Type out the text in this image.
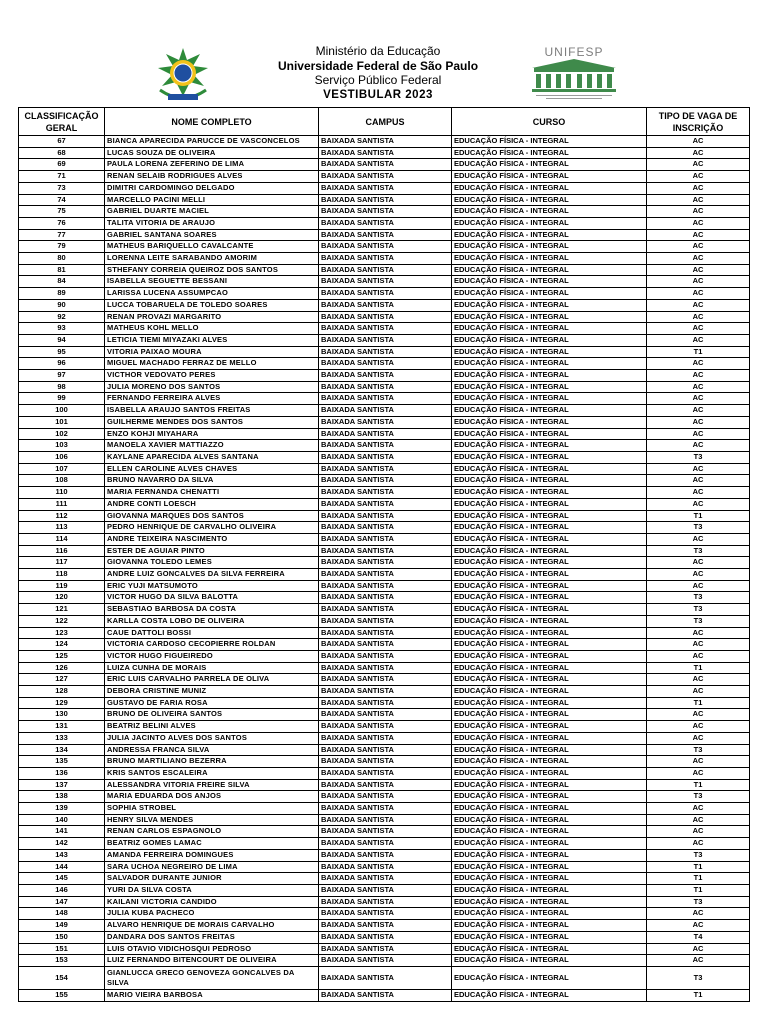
Ministério da Educação
Universidade Federal de São Paulo
Serviço Público Federal
VESTIBULAR 2023
UNIFESP
CLASSIFICAÇÃO GERAL	NOME COMPLETO	CAMPUS	CURSO	TIPO DE VAGA DE INSCRIÇÃO
67	BIANCA APARECIDA PARUCCE DE VASCONCELOS	BAIXADA SANTISTA	EDUCAÇÃO FÍSICA - INTEGRAL	AC
68	LUCAS SOUZA DE OLIVEIRA	BAIXADA SANTISTA	EDUCAÇÃO FÍSICA - INTEGRAL	AC
69	PAULA LORENA ZEFERINO DE LIMA	BAIXADA SANTISTA	EDUCAÇÃO FÍSICA - INTEGRAL	AC
71	RENAN SELAIB RODRIGUES ALVES	BAIXADA SANTISTA	EDUCAÇÃO FÍSICA - INTEGRAL	AC
73	DIMITRI CARDOMINGO DELGADO	BAIXADA SANTISTA	EDUCAÇÃO FÍSICA - INTEGRAL	AC
74	MARCELLO PACINI MELLI	BAIXADA SANTISTA	EDUCAÇÃO FÍSICA - INTEGRAL	AC
75	GABRIEL DUARTE MACIEL	BAIXADA SANTISTA	EDUCAÇÃO FÍSICA - INTEGRAL	AC
76	TALITA VITORIA DE ARAUJO	BAIXADA SANTISTA	EDUCAÇÃO FÍSICA - INTEGRAL	AC
77	GABRIEL SANTANA SOARES	BAIXADA SANTISTA	EDUCAÇÃO FÍSICA - INTEGRAL	AC
79	MATHEUS BARIQUELLO CAVALCANTE	BAIXADA SANTISTA	EDUCAÇÃO FÍSICA - INTEGRAL	AC
80	LORENNA LEITE SARABANDO AMORIM	BAIXADA SANTISTA	EDUCAÇÃO FÍSICA - INTEGRAL	AC
81	STHEFANY CORREIA QUEIROZ DOS SANTOS	BAIXADA SANTISTA	EDUCAÇÃO FÍSICA - INTEGRAL	AC
84	ISABELLA SEGUETTE BESSANI	BAIXADA SANTISTA	EDUCAÇÃO FÍSICA - INTEGRAL	AC
89	LARISSA LUCENA ASSUMPCAO	BAIXADA SANTISTA	EDUCAÇÃO FÍSICA - INTEGRAL	AC
90	LUCCA TOBARUELA DE TOLEDO SOARES	BAIXADA SANTISTA	EDUCAÇÃO FÍSICA - INTEGRAL	AC
92	RENAN PROVAZI MARGARITO	BAIXADA SANTISTA	EDUCAÇÃO FÍSICA - INTEGRAL	AC
93	MATHEUS KOHL MELLO	BAIXADA SANTISTA	EDUCAÇÃO FÍSICA - INTEGRAL	AC
94	LETICIA TIEMI MIYAZAKI ALVES	BAIXADA SANTISTA	EDUCAÇÃO FÍSICA - INTEGRAL	AC
95	VITORIA PAIXAO MOURA	BAIXADA SANTISTA	EDUCAÇÃO FÍSICA - INTEGRAL	T1
96	MIGUEL MACHADO FERRAZ DE MELLO	BAIXADA SANTISTA	EDUCAÇÃO FÍSICA - INTEGRAL	AC
97	VICTHOR VEDOVATO PERES	BAIXADA SANTISTA	EDUCAÇÃO FÍSICA - INTEGRAL	AC
98	JULIA MORENO DOS SANTOS	BAIXADA SANTISTA	EDUCAÇÃO FÍSICA - INTEGRAL	AC
99	FERNANDO FERREIRA ALVES	BAIXADA SANTISTA	EDUCAÇÃO FÍSICA - INTEGRAL	AC
100	ISABELLA ARAUJO SANTOS FREITAS	BAIXADA SANTISTA	EDUCAÇÃO FÍSICA - INTEGRAL	AC
101	GUILHERME MENDES DOS SANTOS	BAIXADA SANTISTA	EDUCAÇÃO FÍSICA - INTEGRAL	AC
102	ENZO KOHJI MIYAHARA	BAIXADA SANTISTA	EDUCAÇÃO FÍSICA - INTEGRAL	AC
103	MANOELA XAVIER MATTIAZZO	BAIXADA SANTISTA	EDUCAÇÃO FÍSICA - INTEGRAL	AC
106	KAYLANE APARECIDA ALVES SANTANA	BAIXADA SANTISTA	EDUCAÇÃO FÍSICA - INTEGRAL	T3
107	ELLEN CAROLINE ALVES CHAVES	BAIXADA SANTISTA	EDUCAÇÃO FÍSICA - INTEGRAL	AC
108	BRUNO NAVARRO DA SILVA	BAIXADA SANTISTA	EDUCAÇÃO FÍSICA - INTEGRAL	AC
110	MARIA FERNANDA CHENATTI	BAIXADA SANTISTA	EDUCAÇÃO FÍSICA - INTEGRAL	AC
111	ANDRE CONTI LOESCH	BAIXADA SANTISTA	EDUCAÇÃO FÍSICA - INTEGRAL	AC
112	GIOVANNA MARQUES DOS SANTOS	BAIXADA SANTISTA	EDUCAÇÃO FÍSICA - INTEGRAL	T1
113	PEDRO HENRIQUE DE CARVALHO OLIVEIRA	BAIXADA SANTISTA	EDUCAÇÃO FÍSICA - INTEGRAL	T3
114	ANDRE TEIXEIRA NASCIMENTO	BAIXADA SANTISTA	EDUCAÇÃO FÍSICA - INTEGRAL	AC
116	ESTER DE AGUIAR PINTO	BAIXADA SANTISTA	EDUCAÇÃO FÍSICA - INTEGRAL	T3
117	GIOVANNA TOLEDO LEMES	BAIXADA SANTISTA	EDUCAÇÃO FÍSICA - INTEGRAL	AC
118	ANDRE LUIZ GONCALVES DA SILVA FERREIRA	BAIXADA SANTISTA	EDUCAÇÃO FÍSICA - INTEGRAL	AC
119	ERIC YUJI MATSUMOTO	BAIXADA SANTISTA	EDUCAÇÃO FÍSICA - INTEGRAL	AC
120	VICTOR HUGO DA SILVA BALOTTA	BAIXADA SANTISTA	EDUCAÇÃO FÍSICA - INTEGRAL	T3
121	SEBASTIAO BARBOSA DA COSTA	BAIXADA SANTISTA	EDUCAÇÃO FÍSICA - INTEGRAL	T3
122	KARLLA COSTA LOBO DE OLIVEIRA	BAIXADA SANTISTA	EDUCAÇÃO FÍSICA - INTEGRAL	T3
123	CAUE DATTOLI BOSSI	BAIXADA SANTISTA	EDUCAÇÃO FÍSICA - INTEGRAL	AC
124	VICTORIA CARDOSO CECOPIERRE ROLDAN	BAIXADA SANTISTA	EDUCAÇÃO FÍSICA - INTEGRAL	AC
125	VICTOR HUGO FIGUEIREDO	BAIXADA SANTISTA	EDUCAÇÃO FÍSICA - INTEGRAL	AC
126	LUIZA CUNHA DE MORAIS	BAIXADA SANTISTA	EDUCAÇÃO FÍSICA - INTEGRAL	T1
127	ERIC LUIS CARVALHO PARRELA DE OLIVA	BAIXADA SANTISTA	EDUCAÇÃO FÍSICA - INTEGRAL	AC
128	DEBORA CRISTINE MUNIZ	BAIXADA SANTISTA	EDUCAÇÃO FÍSICA - INTEGRAL	AC
129	GUSTAVO DE FARIA ROSA	BAIXADA SANTISTA	EDUCAÇÃO FÍSICA - INTEGRAL	T1
130	BRUNO DE OLIVEIRA SANTOS	BAIXADA SANTISTA	EDUCAÇÃO FÍSICA - INTEGRAL	AC
131	BEATRIZ BELINI ALVES	BAIXADA SANTISTA	EDUCAÇÃO FÍSICA - INTEGRAL	AC
133	JULIA JACINTO ALVES DOS SANTOS	BAIXADA SANTISTA	EDUCAÇÃO FÍSICA - INTEGRAL	AC
134	ANDRESSA FRANCA SILVA	BAIXADA SANTISTA	EDUCAÇÃO FÍSICA - INTEGRAL	T3
135	BRUNO MARTILIANO BEZERRA	BAIXADA SANTISTA	EDUCAÇÃO FÍSICA - INTEGRAL	AC
136	KRIS SANTOS ESCALEIRA	BAIXADA SANTISTA	EDUCAÇÃO FÍSICA - INTEGRAL	AC
137	ALESSANDRA VITORIA FREIRE SILVA	BAIXADA SANTISTA	EDUCAÇÃO FÍSICA - INTEGRAL	T1
138	MARIA EDUARDA DOS ANJOS	BAIXADA SANTISTA	EDUCAÇÃO FÍSICA - INTEGRAL	T3
139	SOPHIA STROBEL	BAIXADA SANTISTA	EDUCAÇÃO FÍSICA - INTEGRAL	AC
140	HENRY SILVA MENDES	BAIXADA SANTISTA	EDUCAÇÃO FÍSICA - INTEGRAL	AC
141	RENAN CARLOS ESPAGNOLO	BAIXADA SANTISTA	EDUCAÇÃO FÍSICA - INTEGRAL	AC
142	BEATRIZ GOMES LAMAC	BAIXADA SANTISTA	EDUCAÇÃO FÍSICA - INTEGRAL	AC
143	AMANDA FERREIRA DOMINGUES	BAIXADA SANTISTA	EDUCAÇÃO FÍSICA - INTEGRAL	T3
144	SARA UCHOA NEGREIRO DE LIMA	BAIXADA SANTISTA	EDUCAÇÃO FÍSICA - INTEGRAL	T1
145	SALVADOR DURANTE JUNIOR	BAIXADA SANTISTA	EDUCAÇÃO FÍSICA - INTEGRAL	T1
146	YURI DA SILVA COSTA	BAIXADA SANTISTA	EDUCAÇÃO FÍSICA - INTEGRAL	T1
147	KAILANI VICTORIA CANDIDO	BAIXADA SANTISTA	EDUCAÇÃO FÍSICA - INTEGRAL	T3
148	JULIA KUBA PACHECO	BAIXADA SANTISTA	EDUCAÇÃO FÍSICA - INTEGRAL	AC
149	ALVARO HENRIQUE DE MORAIS CARVALHO	BAIXADA SANTISTA	EDUCAÇÃO FÍSICA - INTEGRAL	AC
150	DANDARA DOS SANTOS FREITAS	BAIXADA SANTISTA	EDUCAÇÃO FÍSICA - INTEGRAL	T4
151	LUIS OTAVIO VIDICHOSQUI PEDROSO	BAIXADA SANTISTA	EDUCAÇÃO FÍSICA - INTEGRAL	AC
153	LUIZ FERNANDO BITENCOURT DE OLIVEIRA	BAIXADA SANTISTA	EDUCAÇÃO FÍSICA - INTEGRAL	AC
154	GIANLUCCA GRECO GENOVEZA GONCALVES DA SILVA	BAIXADA SANTISTA	EDUCAÇÃO FÍSICA - INTEGRAL	T3
155	MARIO VIEIRA BARBOSA	BAIXADA SANTISTA	EDUCAÇÃO FÍSICA - INTEGRAL	T1
